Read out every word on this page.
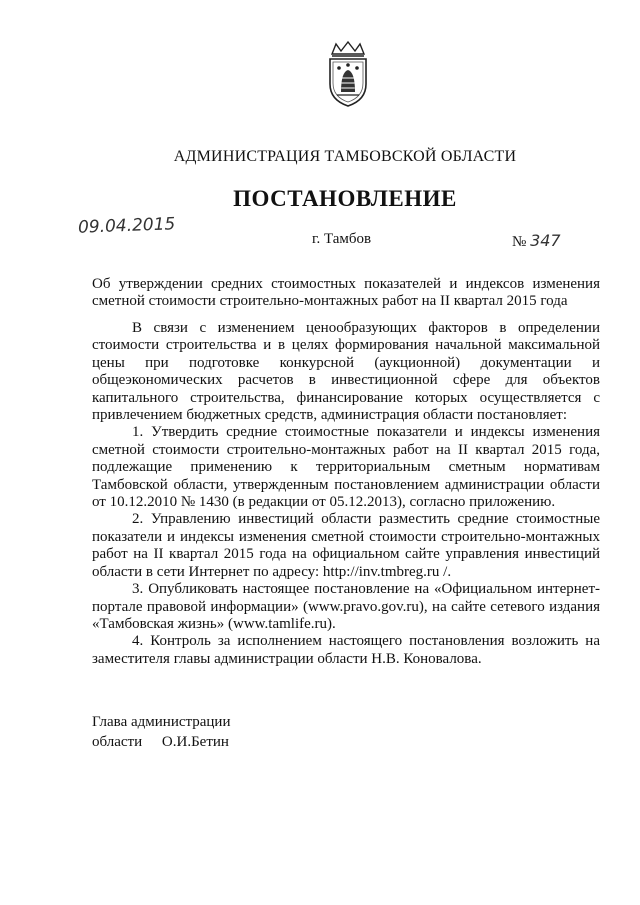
АДМИНИСТРАЦИЯ ТАМБОВСКОЙ ОБЛАСТИ
ПОСТАНОВЛЕНИЕ
09.04.2015
г. Тамбов	№ 347
Об утверждении средних стоимостных показателей и индексов изменения сметной стоимости строительно-монтажных работ на II квартал 2015 года

В связи с изменением ценообразующих факторов в определении стоимости строительства и в целях формирования начальной максимальной цены при подготовке конкурсной (аукционной) документации и общеэкономических расчетов в инвестиционной сфере для объектов капитального строительства, финансирование которых осуществляется с привлечением бюджетных средств, администрация области постановляет:

1. Утвердить средние стоимостные показатели и индексы изменения сметной стоимости строительно-монтажных работ на II квартал 2015 года, подлежащие применению к территориальным сметным нормативам Тамбовской области, утвержденным постановлением администрации области от 10.12.2010 № 1430 (в редакции от 05.12.2013), согласно приложению.

2. Управлению инвестиций области разместить средние стоимостные показатели и индексы изменения сметной стоимости строительно-монтажных работ на II квартал 2015 года на официальном сайте управления инвестиций области в сети Интернет по адресу: http://inv.tmbreg.ru /.

3. Опубликовать настоящее постановление на «Официальном интернет-портале правовой информации» (www.pravo.gov.ru), на сайте сетевого издания «Тамбовская жизнь» (www.tamlife.ru).

4. Контроль за исполнением настоящего постановления возложить на заместителя главы администрации области Н.В. Коновалова.

Глава администрации
области О.И.Бетин
